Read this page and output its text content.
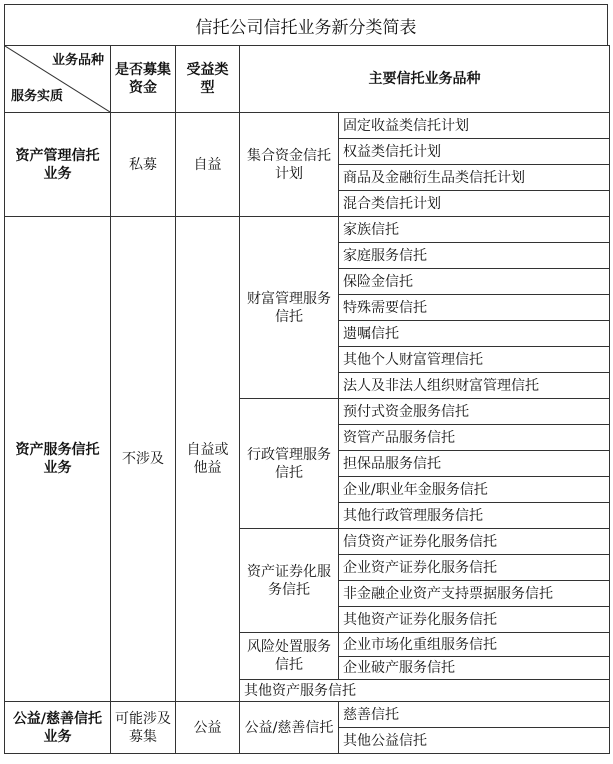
信托公司信托业务新分类简表
业务品种
服务实质	是否募集资金	受益类型	主要信托业务品种	
资产管理信托业务	私募	自益	集合资金信托计划	固定收益类信托计划
				权益类信托计划
				商品及金融衍生品类信托计划
				混合类信托计划
资产服务信托业务	不涉及	自益或他益	财富管理服务信托	家族信托
				家庭服务信托
				保险金信托
				特殊需要信托
				遗嘱信托
				其他个人财富管理信托
				法人及非法人组织财富管理信托
			行政管理服务信托	预付式资金服务信托
				资管产品服务信托
				担保品服务信托
				企业/职业年金服务信托
				其他行政管理服务信托
			资产证券化服务信托	信贷资产证券化服务信托
				企业资产证券化服务信托
				非金融企业资产支持票据服务信托
				其他资产证券化服务信托
			风险处置服务信托	企业市场化重组服务信托
				企业破产服务信托
			其他资产服务信托	
公益/慈善信托业务	可能涉及募集	公益	公益/慈善信托	慈善信托
				其他公益信托
